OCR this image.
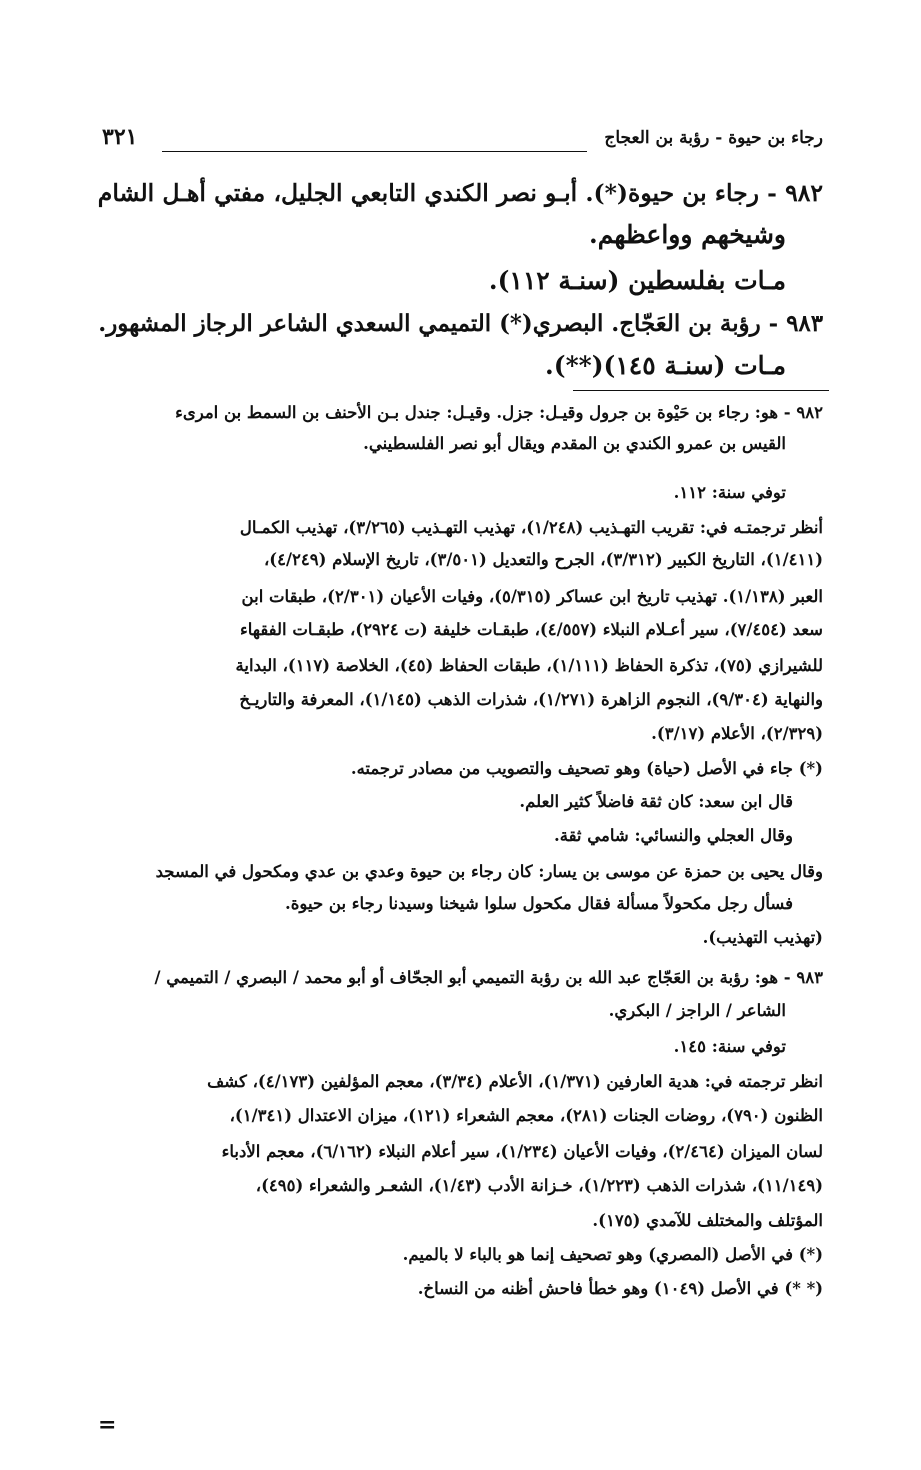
رجاء بن حيوة - رؤبة بن العجاج
٣٢١
٩٨٢ - رجاء بن حيوة(*). أبـو نصر الكندي التابعي الجليل، مفتي أهـل الشام
وشيخهم وواعظهم.
مـات بفلسطين (سنـة ١١٢).
٩٨٣ - رؤبة بن العَجّاج. البصري(*) التميمي السعدي الشاعر الرجاز المشهور.
مـات (سنـة ١٤٥)(**).
٩٨٢ - هو: رجاء بن حَيْوة بن جرول وقيـل: جزل. وقيـل: جندل بـن الأحنف بن السمط بن امرىء
القيس بن عمرو الكندي بن المقدم ويقال أبو نصر الفلسطيني.
توفي سنة: ١١٢.
أنظر ترجمتـه في: تقريب التهـذيب (١/٢٤٨)، تهذيب التهـذيب (٣/٢٦٥)، تهذيب الكمـال
(١/٤١١)، التاريخ الكبير (٣/٣١٢)، الجرح والتعديل (٣/٥٠١)، تاريخ الإسلام (٤/٢٤٩)،
العبر (١/١٣٨). تهذيب تاريخ ابن عساكر (٥/٣١٥)، وفيات الأعيان (٢/٣٠١)، طبقات ابن
سعد (٧/٤٥٤)، سير أعـلام النبلاء (٤/٥٥٧)، طبقـات خليفة (ت ٢٩٢٤)، طبقـات الفقهاء
للشيرازي (٧٥)، تذكرة الحفاظ (١/١١١)، طبقات الحفاظ (٤٥)، الخلاصة (١١٧)، البداية
والنهاية (٩/٣٠٤)، النجوم الزاهرة (١/٢٧١)، شذرات الذهب (١/١٤٥)، المعرفة والتاريـخ
(٢/٣٢٩)، الأعلام (٣/١٧).
(*) جاء في الأصل (حياة) وهو تصحيف والتصويب من مصادر ترجمته.
قال ابن سعد: كان ثقة فاضلاً كثير العلم.
وقال العجلي والنسائي: شامي ثقة.
وقال يحيى بن حمزة عن موسى بن يسار: كان رجاء بن حيوة وعدي بن عدي ومكحول في المسجد
فسأل رجل مكحولاً مسألة فقال مكحول سلوا شيخنا وسيدنا رجاء بن حيوة.
(تهذيب التهذيب).
٩٨٣ - هو: رؤبة بن العَجّاج عبد الله بن رؤبة التميمي أبو الجحّاف أو أبو محمد / البصري / التميمي /
الشاعر / الراجز / البكري.
توفي سنة: ١٤٥.
انظر ترجمته في: هدية العارفين (١/٣٧١)، الأعلام (٣/٣٤)، معجم المؤلفين (٤/١٧٣)، كشف
الظنون (٧٩٠)، روضات الجنات (٢٨١)، معجم الشعراء (١٢١)، ميزان الاعتدال (١/٣٤١)،
لسان الميزان (٢/٤٦٤)، وفيات الأعيان (١/٢٣٤)، سير أعلام النبلاء (٦/١٦٢)، معجم الأدباء
(١١/١٤٩)، شذرات الذهب (١/٢٢٣)، خـزانة الأدب (١/٤٣)، الشعـر والشعراء (٤٩٥)،
المؤتلف والمختلف للآمدي (١٧٥).
(*) في الأصل (المصري) وهو تصحيف إنما هو بالباء لا بالميم.
(* *) في الأصل (١٠٤٩) وهو خطأ فاحش أظنه من النساخ.
=
